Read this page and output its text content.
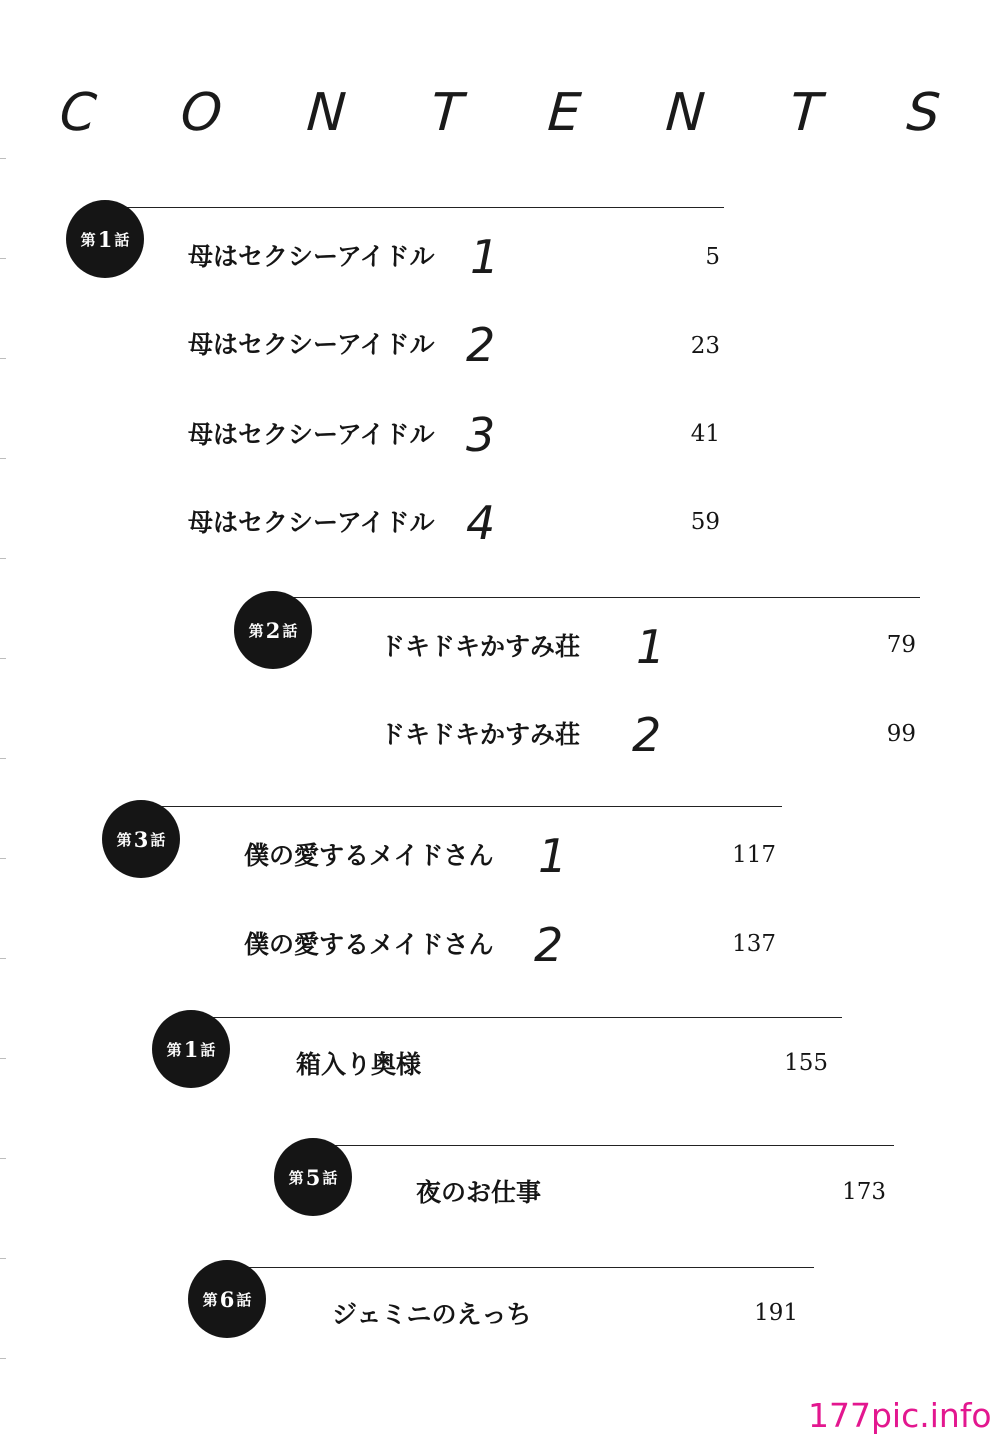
C O N T E N T S
第 1 話
母はセクシーアイドル 1	5
母はセクシーアイドル 2	23
母はセクシーアイドル 3	41
母はセクシーアイドル 4	59
第 2 話
ドキドキかすみ荘 1	79
ドキドキかすみ荘 2	99
第 3 話
僕の愛するメイドさん 1	117
僕の愛するメイドさん 2	137
第 1 話
箱入り奥様	155
第 5 話
夜のお仕事	173
第 6 話
ジェミニのえっち	191
177pic.info
